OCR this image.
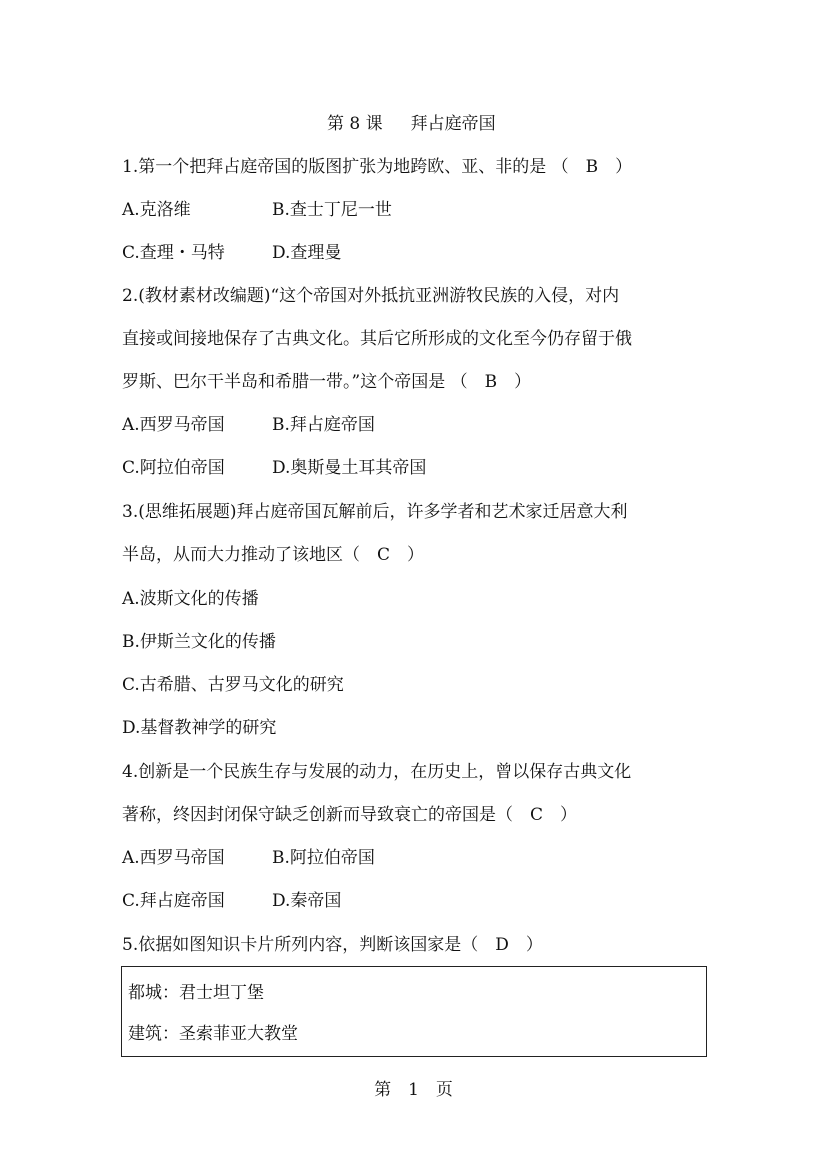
第 8 课 拜占庭帝国
1.第一个把拜占庭帝国的版图扩张为地跨欧、亚、非的是 （　B　）
A.克洛维	B.查士丁尼一世
C.查理・马特	D.查理曼
2.(教材素材改编题)“这个帝国对外抵抗亚洲游牧民族的入侵，对内
直接或间接地保存了古典文化。其后它所形成的文化至今仍存留于俄
罗斯、巴尔干半岛和希腊一带。”这个帝国是 （　B　）
A.西罗马帝国	B.拜占庭帝国
C.阿拉伯帝国	D.奥斯曼土耳其帝国
3.(思维拓展题)拜占庭帝国瓦解前后，许多学者和艺术家迁居意大利
半岛，从而大力推动了该地区（　C　）
A.波斯文化的传播
B.伊斯兰文化的传播
C.古希腊、古罗马文化的研究
D.基督教神学的研究
4.创新是一个民族生存与发展的动力，在历史上，曾以保存古典文化
著称，终因封闭保守缺乏创新而导致衰亡的帝国是（　C　）
A.西罗马帝国	B.阿拉伯帝国
C.拜占庭帝国	D.秦帝国
5.依据如图知识卡片所列内容，判断该国家是（　D　）
都城：君士坦丁堡
建筑：圣索菲亚大教堂
第　1　页
